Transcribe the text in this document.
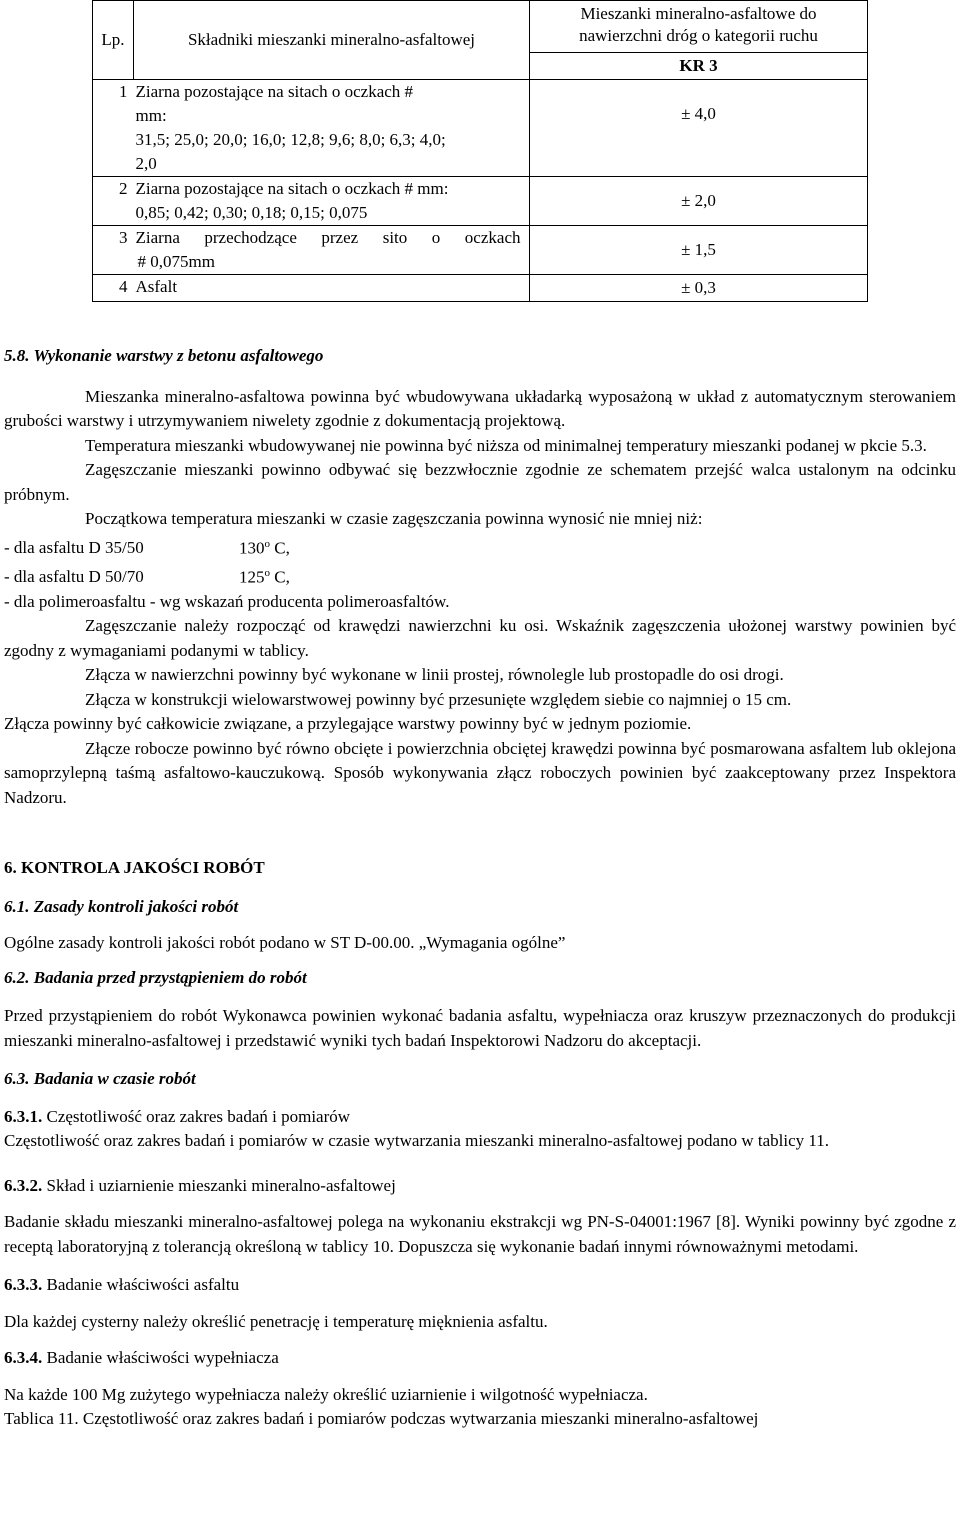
Lp.	Składniki mieszanki mineralno-asfaltowej	Mieszanki mineralno-asfaltowe do
nawierzchni dróg o kategorii ruchu
KR 3

1	Ziarna pozostające na sitach o oczkach #
mm:
31,5; 25,0; 20,0; 16,0; 12,8; 9,6; 8,0; 6,3; 4,0;
2,0	± 4,0
2	Ziarna pozostające na sitach o oczkach # mm:
0,85; 0,42; 0,30; 0,18; 0,15; 0,075	± 2,0
3	Ziarna przechodzące przez sito o oczkach
# 0,075mm	± 1,5
4	Asfalt	± 0,3

5.8. Wykonanie warstwy z betonu asfaltowego

Mieszanka mineralno-asfaltowa powinna być wbudowywana układarką wyposażoną w układ z automatycznym sterowaniem grubości warstwy i utrzymywaniem niwelety zgodnie z dokumentacją projektową.

Temperatura mieszanki wbudowywanej nie powinna być niższa od minimalnej temperatury mieszanki podanej w pkcie 5.3.

Zagęszczanie mieszanki powinno odbywać się bezzwłocznie zgodnie ze schematem przejść walca ustalonym na odcinku próbnym.

Początkowa temperatura mieszanki w czasie zagęszczania powinna wynosić nie mniej niż:

- dla asfaltu D 35/50	130$^o$ C,

- dla asfaltu D 50/70	125$^o$ C,

- dla polimeroasfaltu - wg wskazań producenta polimeroasfaltów.

Zagęszczanie należy rozpocząć od krawędzi nawierzchni ku osi. Wskaźnik zagęszczenia ułożonej warstwy powinien być zgodny z wymaganiami podanymi w tablicy.

Złącza w nawierzchni powinny być wykonane w linii prostej, równolegle lub prostopadle do osi drogi.

Złącza w konstrukcji wielowarstwowej powinny być przesunięte względem siebie co najmniej o 15 cm.

Złącza powinny być całkowicie związane, a przylegające warstwy powinny być w jednym poziomie.

Złącze robocze powinno być równo obcięte i powierzchnia obciętej krawędzi powinna być posmarowana asfaltem lub oklejona samoprzylepną taśmą asfaltowo-kauczukową. Sposób wykonywania złącz roboczych powinien być zaakceptowany przez Inspektora Nadzoru.

6. KONTROLA JAKOŚCI ROBÓT

6.1. Zasady kontroli jakości robót

Ogólne zasady kontroli jakości robót podano w ST D-00.00. „Wymagania ogólne”

6.2. Badania przed przystąpieniem do robót

Przed przystąpieniem do robót Wykonawca powinien wykonać badania asfaltu, wypełniacza oraz kruszyw przeznaczonych do produkcji mieszanki mineralno-asfaltowej i przedstawić wyniki tych badań Inspektorowi Nadzoru do akceptacji.

6.3. Badania w czasie robót

6.3.1. Częstotliwość oraz zakres badań i pomiarów

Częstotliwość oraz zakres badań i pomiarów w czasie wytwarzania mieszanki mineralno-asfaltowej podano w tablicy 11.

6.3.2. Skład i uziarnienie mieszanki mineralno-asfaltowej

Badanie składu mieszanki mineralno-asfaltowej polega na wykonaniu ekstrakcji wg PN-S-04001:1967 [8]. Wyniki powinny być zgodne z receptą laboratoryjną z tolerancją określoną w tablicy 10. Dopuszcza się wykonanie badań innymi równoważnymi metodami.

6.3.3. Badanie właściwości asfaltu

Dla każdej cysterny należy określić penetrację i temperaturę mięknienia asfaltu.

6.3.4. Badanie właściwości wypełniacza

Na każde 100 Mg zużytego wypełniacza należy określić uziarnienie i wilgotność wypełniacza.

Tablica 11. Częstotliwość oraz zakres badań i pomiarów podczas wytwarzania mieszanki mineralno-asfaltowej
